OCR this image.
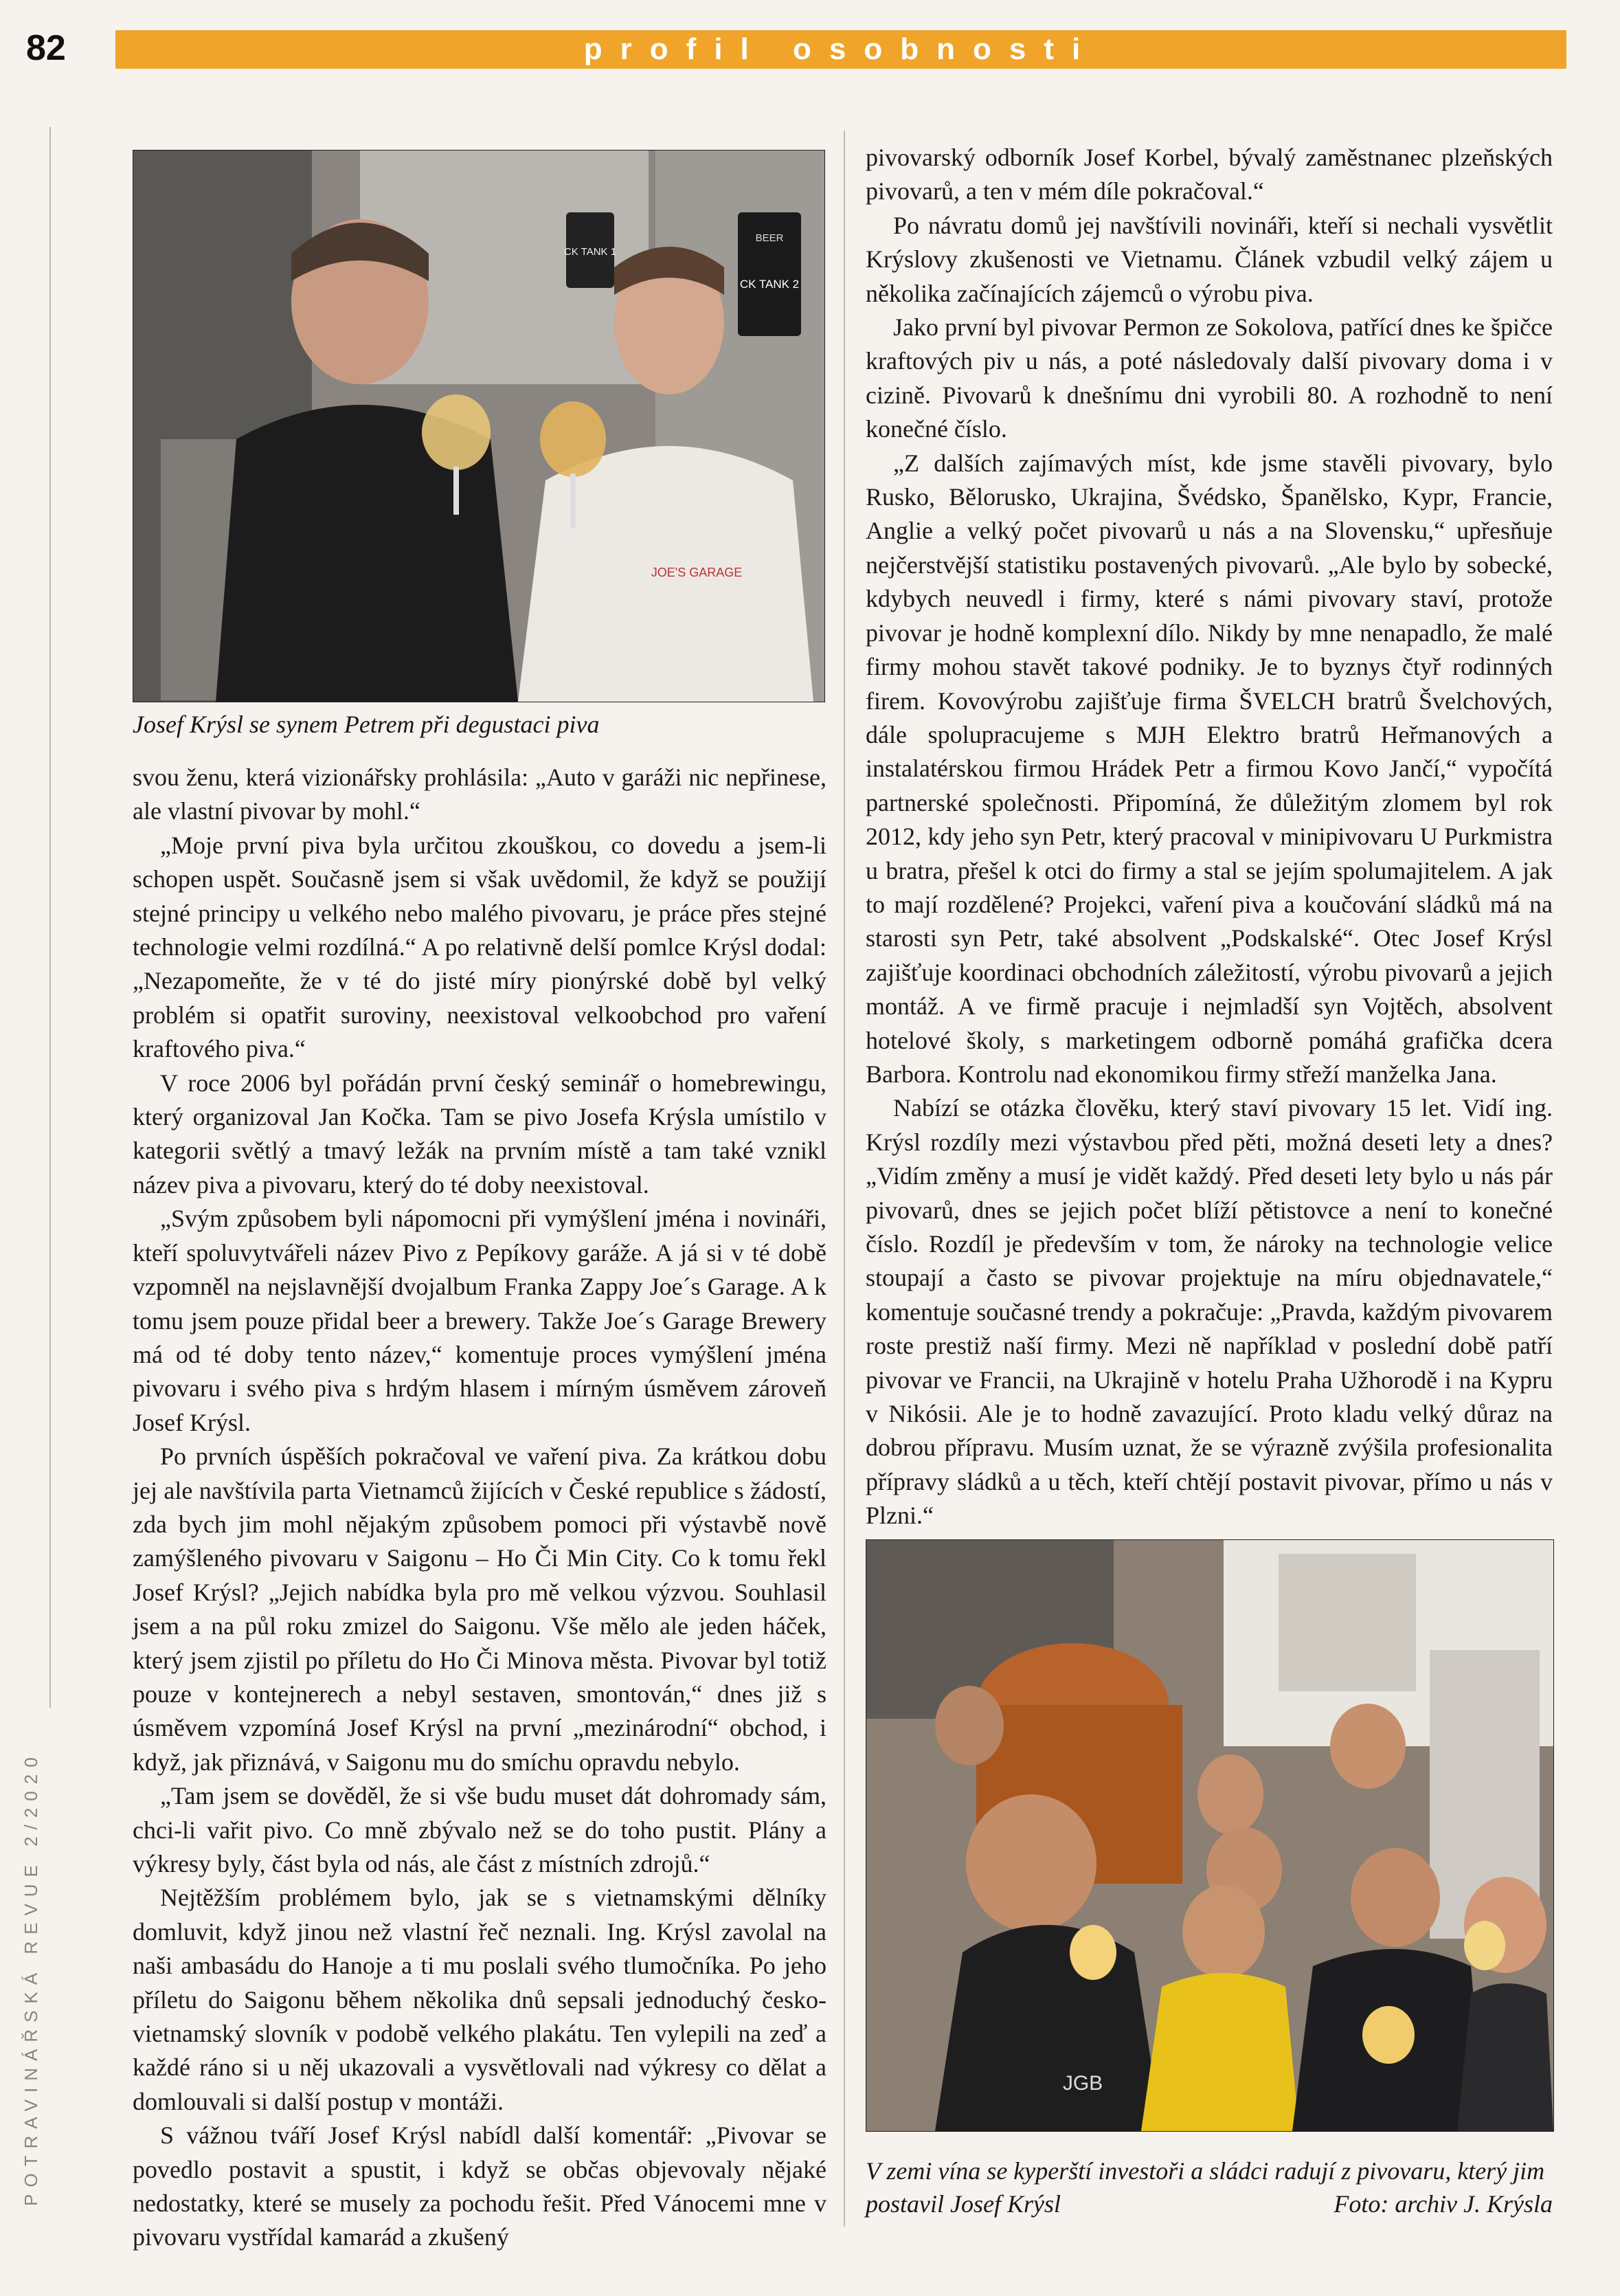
82	profil osobnosti
POTRAVINÁŘSKÁ REVUE 2/2020
CK TANK 1
BEER
CK TANK 2
JOE'S GARAGE
Josef Krýsl se synem Petrem při degustaci piva

svou ženu, která vizionářsky prohlásila: „Auto v garáži nic nepřinese, ale vlastní pivovar by mohl.“

„Moje první piva byla určitou zkouškou, co dovedu a jsem-li schopen uspět. Současně jsem si však uvědomil, že když se použijí stejné principy u velkého nebo malého pivovaru, je práce přes stejné technologie velmi rozdílná.“ A po relativně delší pomlce Krýsl dodal: „Nezapomeňte, že v té do jisté míry pionýrské době byl velký problém si opatřit suroviny, neexistoval velkoobchod pro vaření kraftového piva.“

V roce 2006 byl pořádán první český seminář o homebrewingu, který organizoval Jan Kočka. Tam se pivo Josefa Krýsla umístilo v kategorii světlý a tmavý ležák na prvním místě a tam také vznikl název piva a pivovaru, který do té doby neexistoval.

„Svým způsobem byli nápomocni při vymýšlení jména i novináři, kteří spoluvytvářeli název Pivo z Pepíkovy garáže. A já si v té době vzpomněl na nejslavnější dvojalbum Franka Zappy Joe´s Garage. A k tomu jsem pouze přidal beer a brewery. Takže Joe´s Garage Brewery má od té doby tento název,“ komentuje proces vymýšlení jména pivovaru i svého piva s hrdým hlasem i mírným úsměvem zároveň Josef Krýsl.

Po prvních úspěších pokračoval ve vaření piva. Za krátkou dobu jej ale navštívila parta Vietnamců žijících v České republice s žádostí, zda bych jim mohl nějakým způsobem pomoci při výstavbě nově zamýšleného pivovaru v Saigonu – Ho Či Min City. Co k tomu řekl Josef Krýsl? „Jejich nabídka byla pro mě velkou výzvou. Souhlasil jsem a na půl roku zmizel do Saigonu. Vše mělo ale jeden háček, který jsem zjistil po příletu do Ho Či Minova města. Pivovar byl totiž pouze v kontejnerech a nebyl sestaven, smontován,“ dnes již s úsměvem vzpomíná Josef Krýsl na první „mezinárodní“ obchod, i když, jak přiznává, v Saigonu mu do smíchu opravdu nebylo.

„Tam jsem se dověděl, že si vše budu muset dát dohromady sám, chci-li vařit pivo. Co mně zbývalo než se do toho pustit. Plány a výkresy byly, část byla od nás, ale část z místních zdrojů.“

Nejtěžším problémem bylo, jak se s vietnamskými dělníky domluvit, když jinou než vlastní řeč neznali. Ing. Krýsl zavolal na naši ambasádu do Hanoje a ti mu poslali svého tlumočníka. Po jeho příletu do Saigonu během několika dnů sepsali jednoduchý česko-vietnamský slovník v podobě velkého plakátu. Ten vylepili na zeď a každé ráno si u něj ukazovali a vysvětlovali nad výkresy co dělat a domlouvali si další postup v montáži.

S vážnou tváří Josef Krýsl nabídl další komentář: „Pivovar se povedlo postavit a spustit, i když se občas objevovaly nějaké nedostatky, které se musely za pochodu řešit. Před Vánocemi mne v pivovaru vystřídal kamarád a zkušený

pivovarský odborník Josef Korbel, bývalý zaměstnanec plzeňských pivovarů, a ten v mém díle pokračoval.“

Po návratu domů jej navštívili novináři, kteří si nechali vysvětlit Krýslovy zkušenosti ve Vietnamu. Článek vzbudil velký zájem u několika začínajících zájemců o výrobu piva.

Jako první byl pivovar Permon ze Sokolova, patřící dnes ke špičce kraftových piv u nás, a poté následovaly další pivovary doma i v cizině. Pivovarů k dnešnímu dni vyrobili 80. A rozhodně to není konečné číslo.

„Z dalších zajímavých míst, kde jsme stavěli pivovary, bylo Rusko, Bělorusko, Ukrajina, Švédsko, Španělsko, Kypr, Francie, Anglie a velký počet pivovarů u nás a na Slovensku,“ upřesňuje nejčerstvější statistiku postavených pivovarů. „Ale bylo by sobecké, kdybych neuvedl i firmy, které s námi pivovary staví, protože pivovar je hodně komplexní dílo. Nikdy by mne nenapadlo, že malé firmy mohou stavět takové podniky. Je to byznys čtyř rodinných firem. Kovovýrobu zajišťuje firma ŠVELCH bratrů Švelchových, dále spolupracujeme s MJH Elektro bratrů Heřmanových a instalatérskou firmou Hrádek Petr a firmou Kovo Jančí,“ vypočítá partnerské společnosti. Připomíná, že důležitým zlomem byl rok 2012, kdy jeho syn Petr, který pracoval v minipivovaru U Purkmistra u bratra, přešel k otci do firmy a stal se jejím spolumajitelem. A jak to mají rozdělené? Projekci, vaření piva a koučování sládků má na starosti syn Petr, také absolvent „Podskalské“. Otec Josef Krýsl zajišťuje koordinaci obchodních záležitostí, výrobu pivovarů a jejich montáž. A ve firmě pracuje i nejmladší syn Vojtěch, absolvent hotelové školy, s marketingem odborně pomáhá grafička dcera Barbora. Kontrolu nad ekonomikou firmy střeží manželka Jana.

Nabízí se otázka člověku, který staví pivovary 15 let. Vidí ing. Krýsl rozdíly mezi výstavbou před pěti, možná deseti lety a dnes? „Vidím změny a musí je vidět každý. Před deseti lety bylo u nás pár pivovarů, dnes se jejich počet blíží pětistovce a není to konečné číslo. Rozdíl je především v tom, že nároky na technologie velice stoupají a často se pivovar projektuje na míru objednavatele,“ komentuje současné trendy a pokračuje: „Pravda, každým pivovarem roste prestiž naší firmy. Mezi ně například v poslední době patří pivovar ve Francii, na Ukrajině v hotelu Praha Užhorodě i na Kypru v Nikósii. Ale je to hodně zavazující. Proto kladu velký důraz na dobrou přípravu. Musím uznat, že se výrazně zvýšila profesionalita přípravy sládků a u těch, kteří chtějí postavit pivovar, přímo u nás v Plzni.“

JGB
V zemi vína se kyperští investoři a sládci radují z pivovaru, který jim postavil Josef Krýsl	Foto: archiv J. Krýsla
